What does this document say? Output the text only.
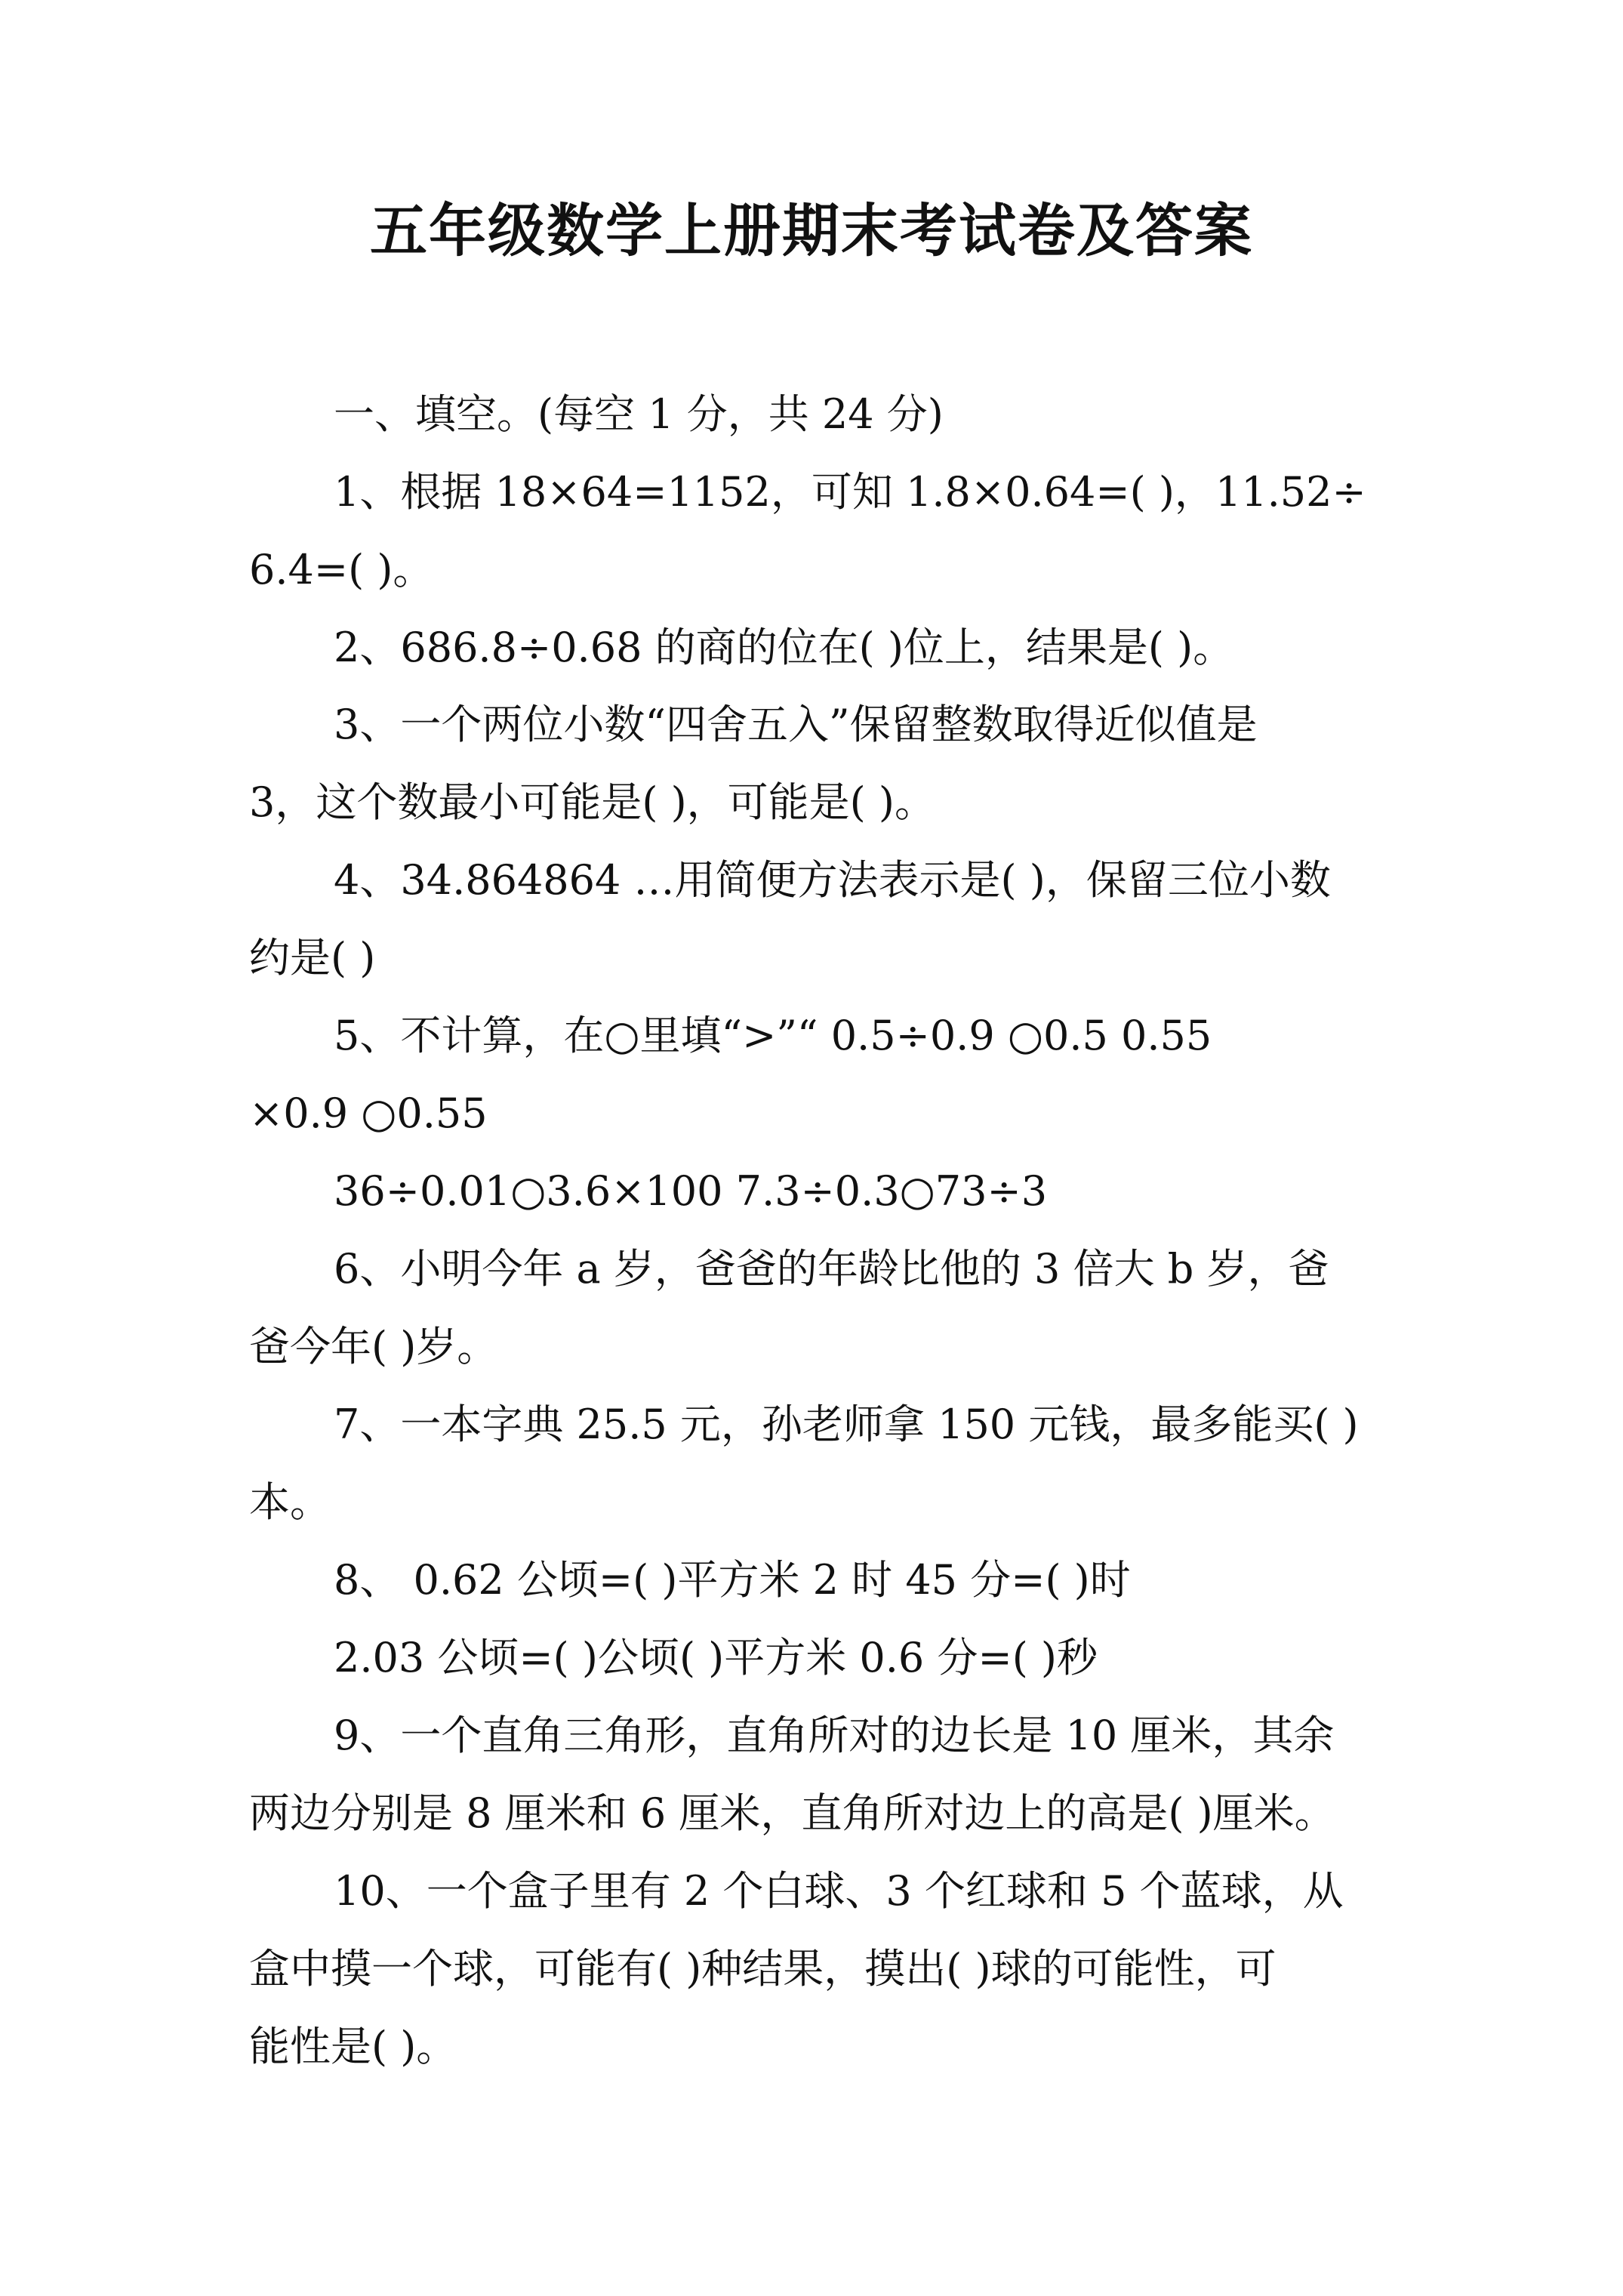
五年级数学上册期末考试卷及答案
一、填空。(每空 1 分，共 24 分)
1、根据 18×64=1152，可知 1.8×0.64=( )，11.52÷
6.4=( )。
2、686.8÷0.68 的商的位在( )位上，结果是( )。
3、一个两位小数“四舍五入”保留整数取得近似值是
3，这个数最小可能是( )，可能是( )。
4、34.864864 …用简便方法表示是( )，保留三位小数
约是( )
5、不计算，在○里填“>”“ 0.5÷0.9 ○0.5 0.55
×0.9 ○0.55
36÷0.01○3.6×100 7.3÷0.3○73÷3
6、小明今年 a 岁，爸爸的年龄比他的 3 倍大 b 岁，爸
爸今年( )岁。
7、一本字典 25.5 元，孙老师拿 150 元钱，最多能买( )
本。
8、 0.62 公顷=( )平方米 2 时 45 分=( )时
2.03 公顷=( )公顷( )平方米 0.6 分=( )秒
9、一个直角三角形，直角所对的边长是 10 厘米，其余
两边分别是 8 厘米和 6 厘米，直角所对边上的高是( )厘米。
10、一个盒子里有 2 个白球、3 个红球和 5 个蓝球，从
盒中摸一个球，可能有( )种结果，摸出( )球的可能性，可
能性是( )。
